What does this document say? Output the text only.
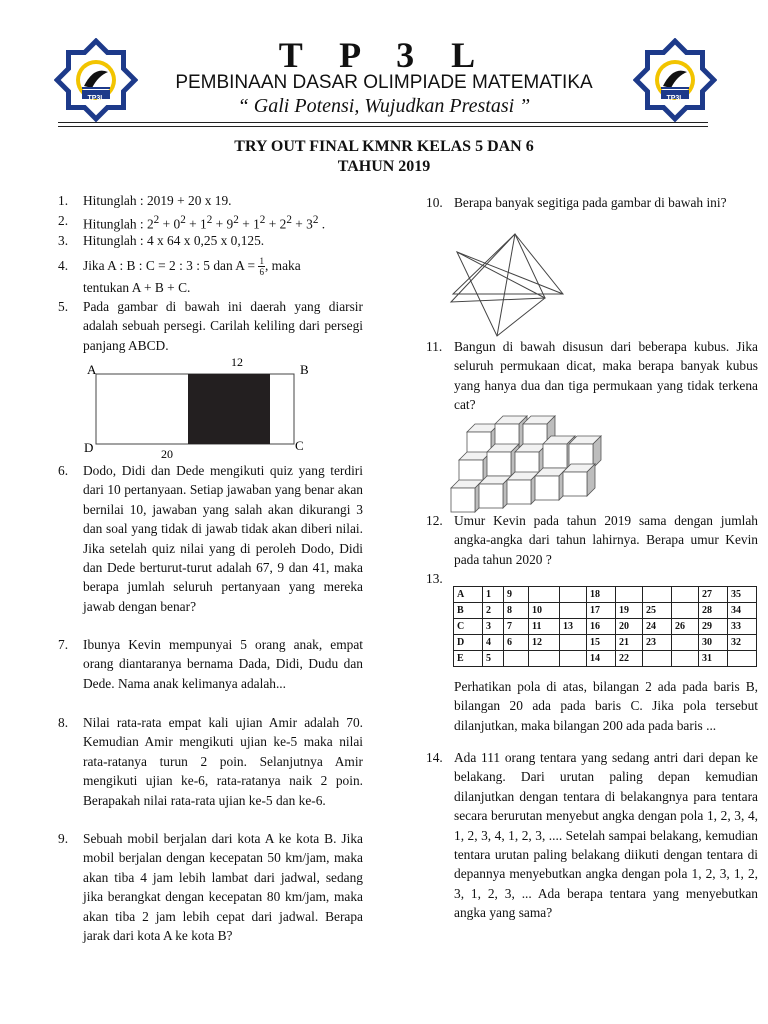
TP3L	TP3L
T P 3 L
PEMBINAAN DASAR OLIMPIADE MATEMATIKA
“ Gali Potensi, Wujudkan Prestasi ”
TRY OUT FINAL KMNR KELAS 5 DAN 6
TAHUN 2019
1.	Hitunglah : 2019 + 20 x 19.
2.	Hitunglah : $2^2 + 0^2 + 1^2 + 9^2 + 1^2 + 2^2 + 3^2$ .
3.	Hitunglah : 4 x 64 x 0,25 x 0,125.
4.	Jika A : B : C = 2 : 3 : 5 dan $A = \frac{1}{6}$ , maka
tentukan A + B + C.
5.	Pada gambar di bawah ini daerah yang diarsir adalah sebuah persegi. Carilah keliling dari persegi panjang ABCD.
12
20
A	B
C
D
6.	Dodo, Didi dan Dede mengikuti quiz yang terdiri dari 10 pertanyaan. Setiap jawaban yang benar akan bernilai 10, jawaban yang salah akan dikurangi 3 dan soal yang tidak di jawab tidak akan diberi nilai. Jika setelah quiz nilai yang di peroleh Dodo, Didi dan Dede berturut-turut adalah 67, 9 dan 41, maka berapa jumlah seluruh pertanyaan yang mereka jawab dengan benar?
7.	Ibunya Kevin mempunyai 5 orang anak, empat orang diantaranya bernama Dada, Didi, Dudu dan Dede. Nama anak kelimanya adalah...
8.	Nilai rata-rata empat kali ujian Amir adalah 70. Kemudian Amir mengikuti ujian ke-5 maka nilai rata-ratanya turun 2 poin. Selanjutnya Amir mengikuti ujian ke-6, rata-ratanya naik 2 poin. Berapakah nilai rata-rata ujian ke-5 dan ke-6.
9.	Sebuah mobil berjalan dari kota A ke kota B. Jika mobil berjalan dengan kecepatan 50 km/jam, maka akan tiba 4 jam lebih lambat dari jadwal, sedang jika berangkat dengan kecepatan 80 km/jam, maka akan tiba 2 jam lebih cepat dari jadwal. Berapa jarak dari kota A ke kota B?
10. Berapa banyak segitiga pada gambar di bawah ini?
11. Bangun di bawah disusun dari beberapa kubus. Jika seluruh permukaan dicat, maka berapa banyak kubus yang hanya dua dan tiga permukaan yang tidak terkena cat?
12. Umur Kevin pada tahun 2019 sama dengan jumlah angka-angka dari tahun lahirnya. Berapa umur Kevin pada tahun 2020 ?
13.
A	1	9			18				27	35
B	2	8	10		17	19	25		28	34
C	3	7	11	13	16	20	24	26	29	33
D	4	6	12		15	21	23		30	32
E	5				14	22			31	
Perhatikan pola di atas, bilangan 2 ada pada baris B, bilangan 20 ada pada baris C. Jika pola tersebut dilanjutkan, maka bilangan 200 ada pada baris ...
14. Ada 111 orang tentara yang sedang antri dari depan ke belakang. Dari urutan paling depan kemudian dilanjutkan dengan tentara di belakangnya para tentara secara berurutan menyebut angka dengan pola 1, 2, 3, 4, 1, 2, 3, 4, 1, 2, 3, .... Setelah sampai belakang, kemudian tentara urutan paling belakang diikuti dengan tentara di depannya menyebutkan angka dengan pola 1, 2, 3, 1, 2, 3, 1, 2, 3, ... Ada berapa tentara yang menyebutkan angka yang sama?
